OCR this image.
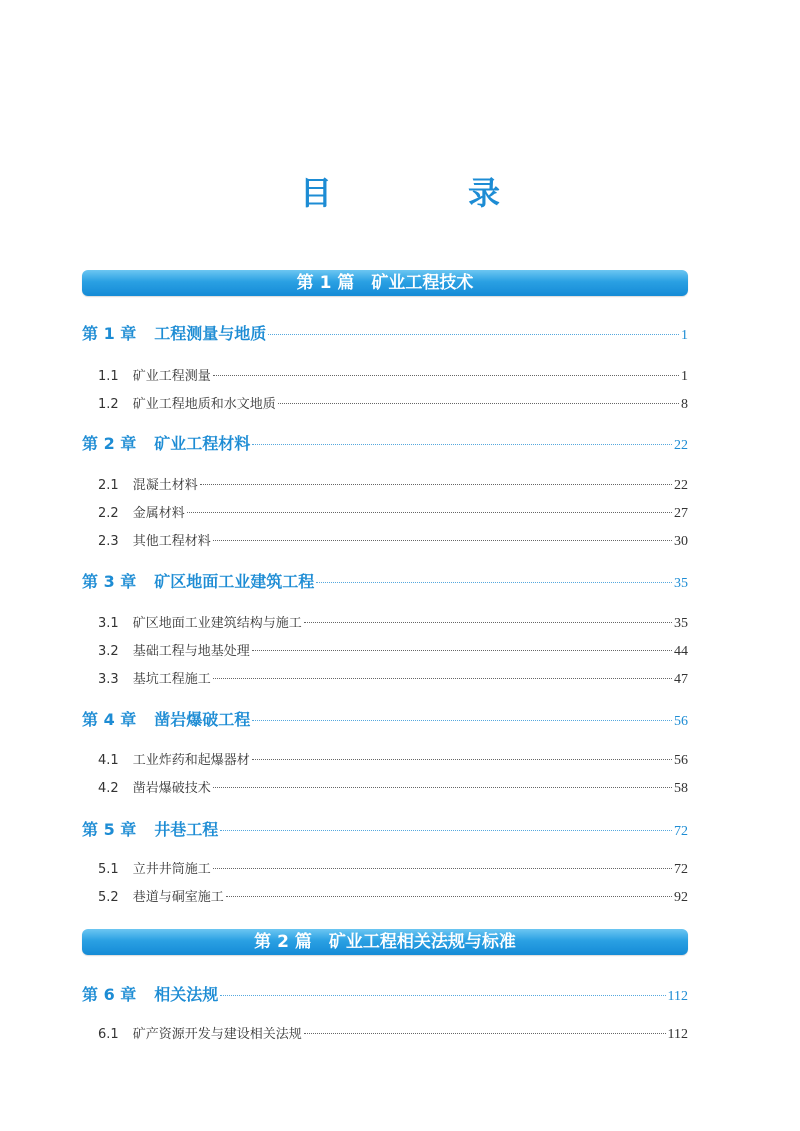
目　录
第 1 篇　矿业工程技术
第 1 章 工程测量与地质	1
1.1 矿业工程测量	1
1.2 矿业工程地质和水文地质	8
第 2 章 矿业工程材料	22
2.1 混凝土材料	22
2.2 金属材料	27
2.3 其他工程材料	30
第 3 章 矿区地面工业建筑工程	35
3.1 矿区地面工业建筑结构与施工	35
3.2 基础工程与地基处理	44
3.3 基坑工程施工	47
第 4 章 凿岩爆破工程	56
4.1 工业炸药和起爆器材	56
4.2 凿岩爆破技术	58
第 5 章 井巷工程	72
5.1 立井井筒施工	72
5.2 巷道与硐室施工	92
第 2 篇　矿业工程相关法规与标准
第 6 章 相关法规	112
6.1 矿产资源开发与建设相关法规	112
